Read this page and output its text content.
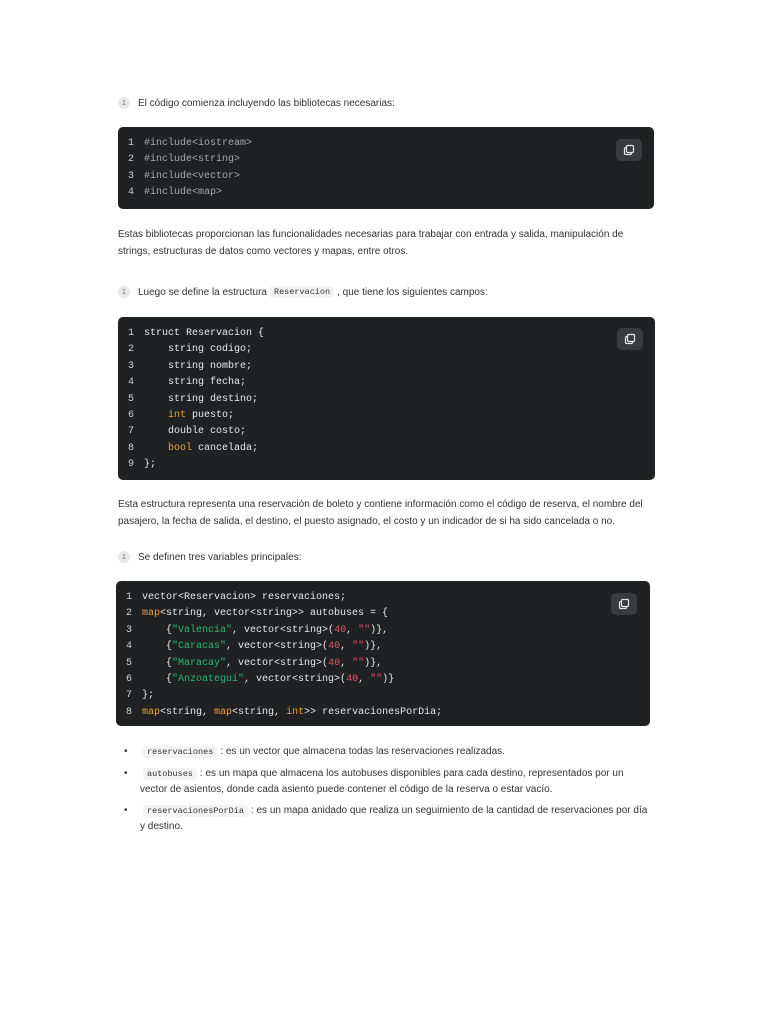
1	El código comienza incluyendo las bibliotecas necesarias:
1 #include<iostream>
2 #include<string>
3 #include<vector>
4 #include<map>
Estas bibliotecas proporcionan las funcionalidades necesarias para trabajar con entrada y salida, manipulación de strings, estructuras de datos como vectores y mapas, entre otros.
1	Luego se define la estructura Reservacion , que tiene los siguientes campos:
1 struct Reservacion {
2    string codigo;
3    string nombre;
4    string fecha;
5    string destino;
6	int puesto;
7    double costo;
8	bool cancelada;
9 };
Esta estructura representa una reservación de boleto y contiene información como el código de reserva, el nombre del pasajero, la fecha de salida, el destino, el puesto asignado, el costo y un indicador de si ha sido cancelada o no.
1	Se definen tres variables principales:
1 vector<Reservacion> reservaciones;
2 map<string, vector<string>> autobuses = {
3    {"Valencia", vector<string>(40, "")},
4    {"Caracas", vector<string>(40, "")},
5    {"Maracay", vector<string>(40, "")},
6    {"Anzoategui", vector<string>(40, "")}
7 };
8 map<string, map<string, int>> reservacionesPorDia;
• reservaciones : es un vector que almacena todas las reservaciones realizadas.
• autobuses : es un mapa que almacena los autobuses disponibles para cada destino, representados por un vector de asientos, donde cada asiento puede contener el código de la reserva o estar vacío.
• reservacionesPorDia : es un mapa anidado que realiza un seguimiento de la cantidad de reservaciones por día y destino.
